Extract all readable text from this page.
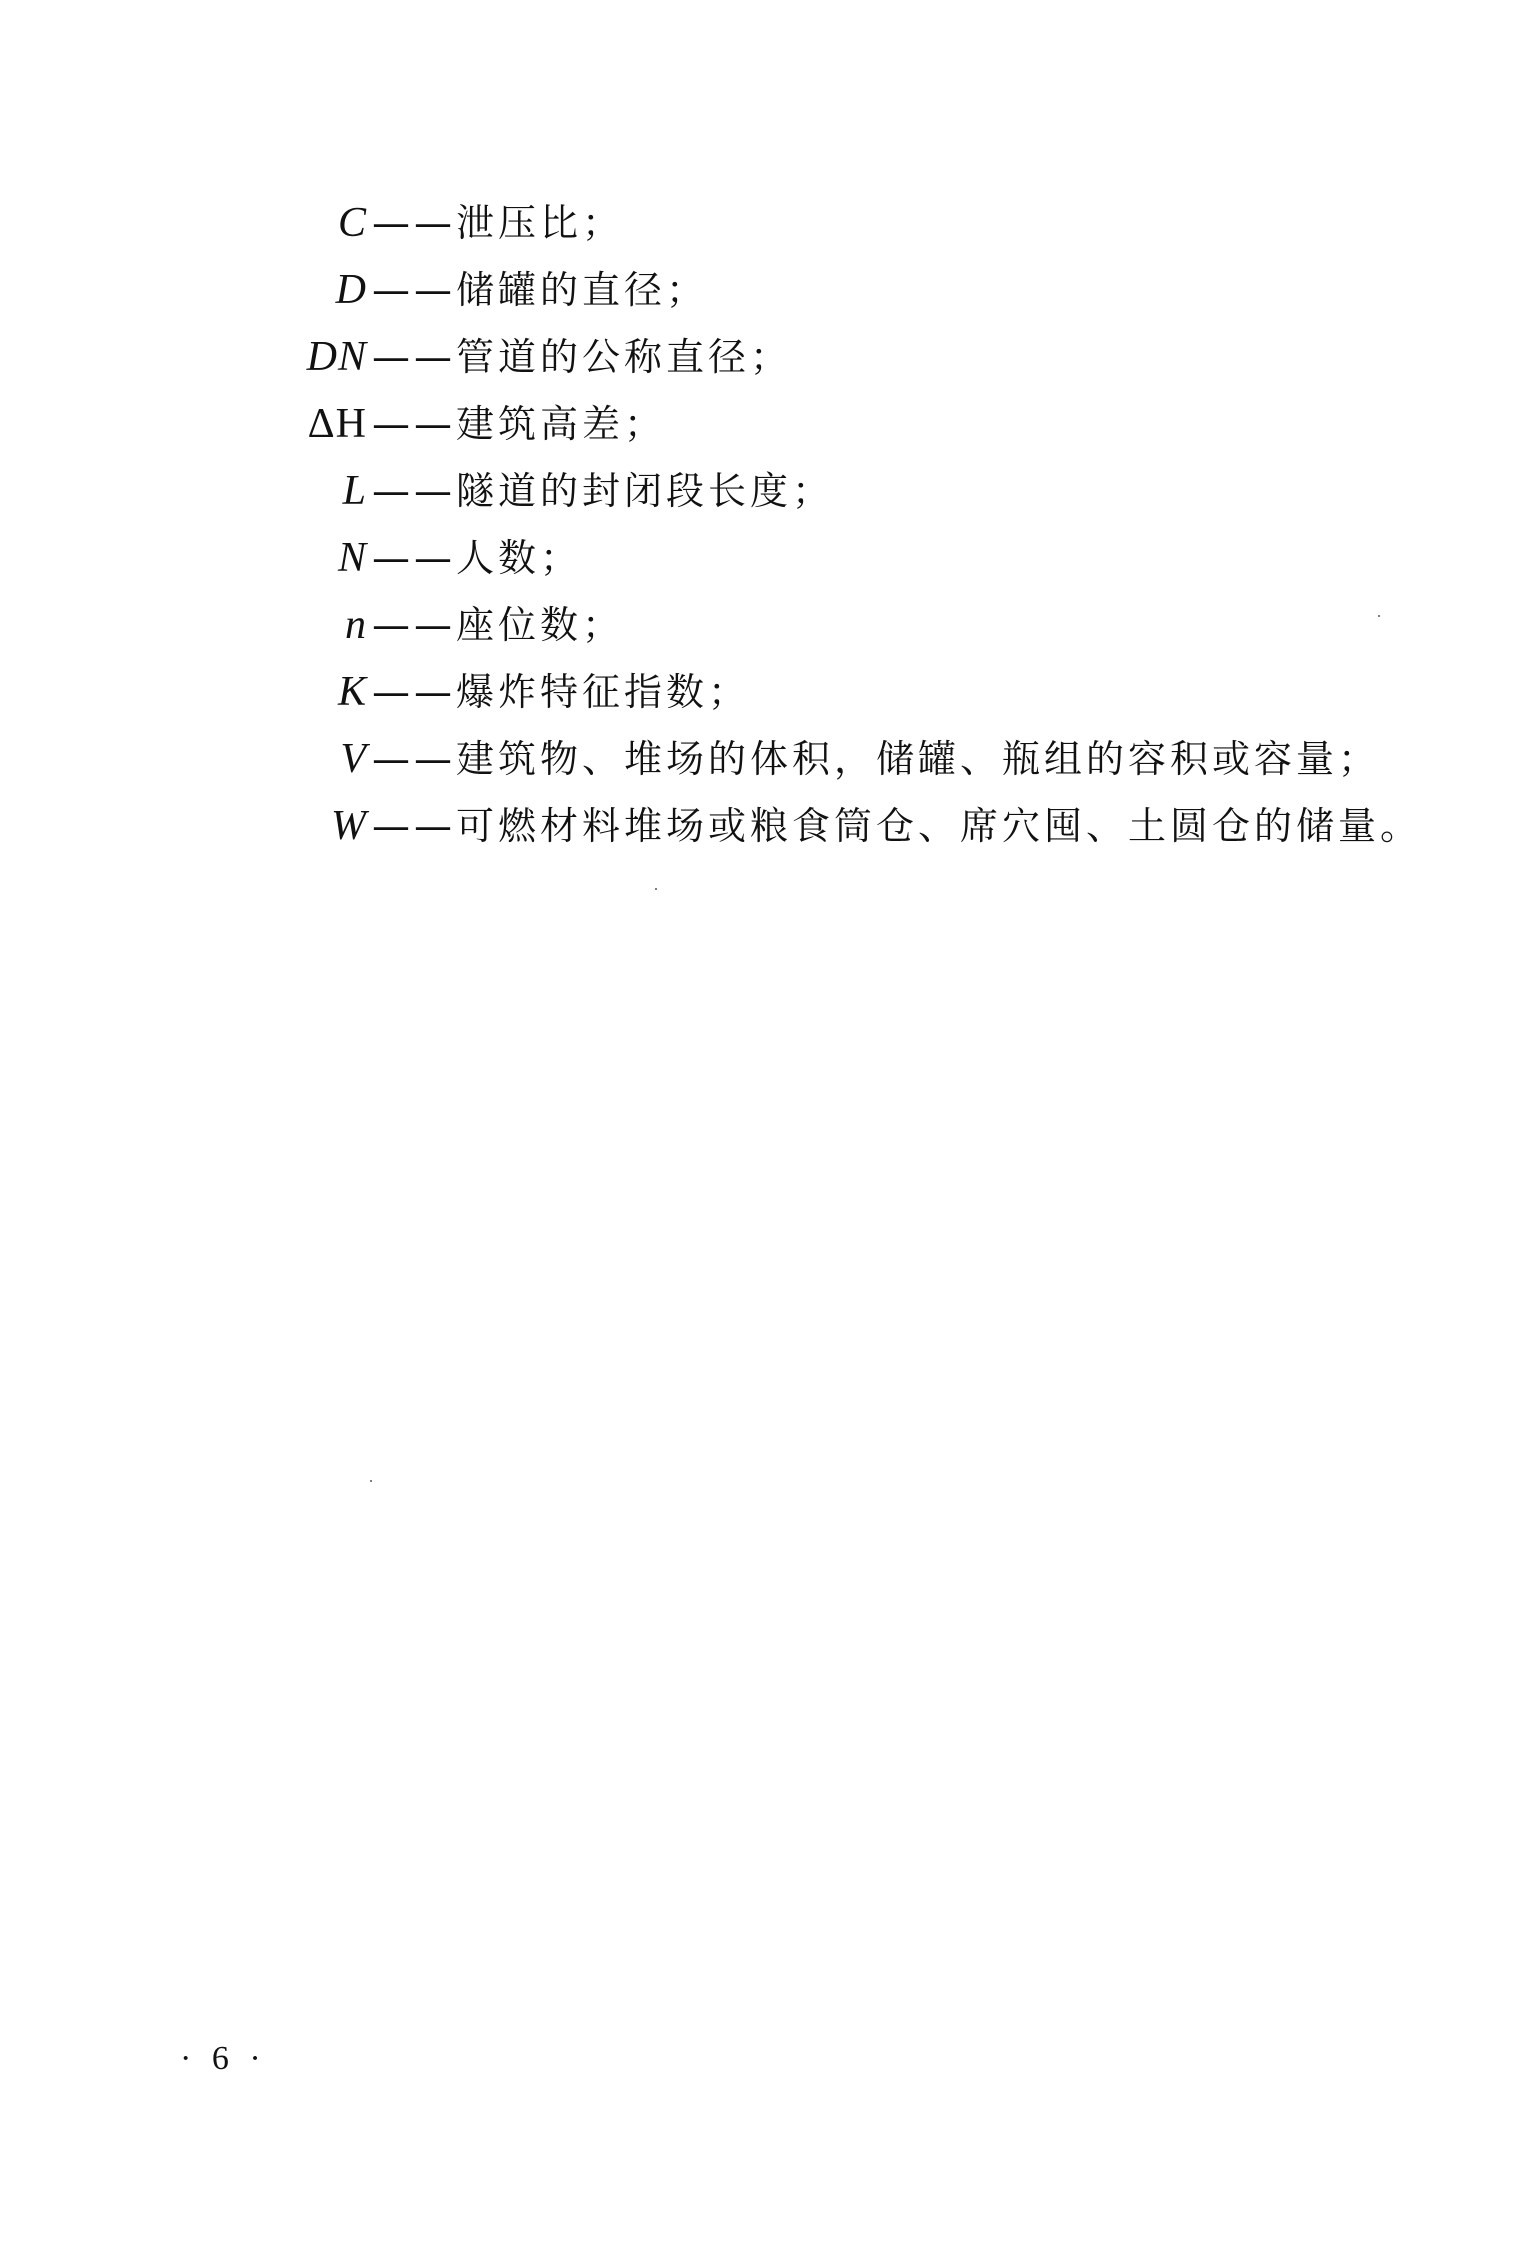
C ——泄压比；
D ——储罐的直径；
DN ——管道的公称直径；
ΔH ——建筑高差；
L ——隧道的封闭段长度；
N ——人数；
n ——座位数；
K ——爆炸特征指数；
V ——建筑物、堆场的体积，储罐、瓶组的容积或容量；
W ——可燃材料堆场或粮食筒仓、席穴囤、土圆仓的储量。
· 6 ·
